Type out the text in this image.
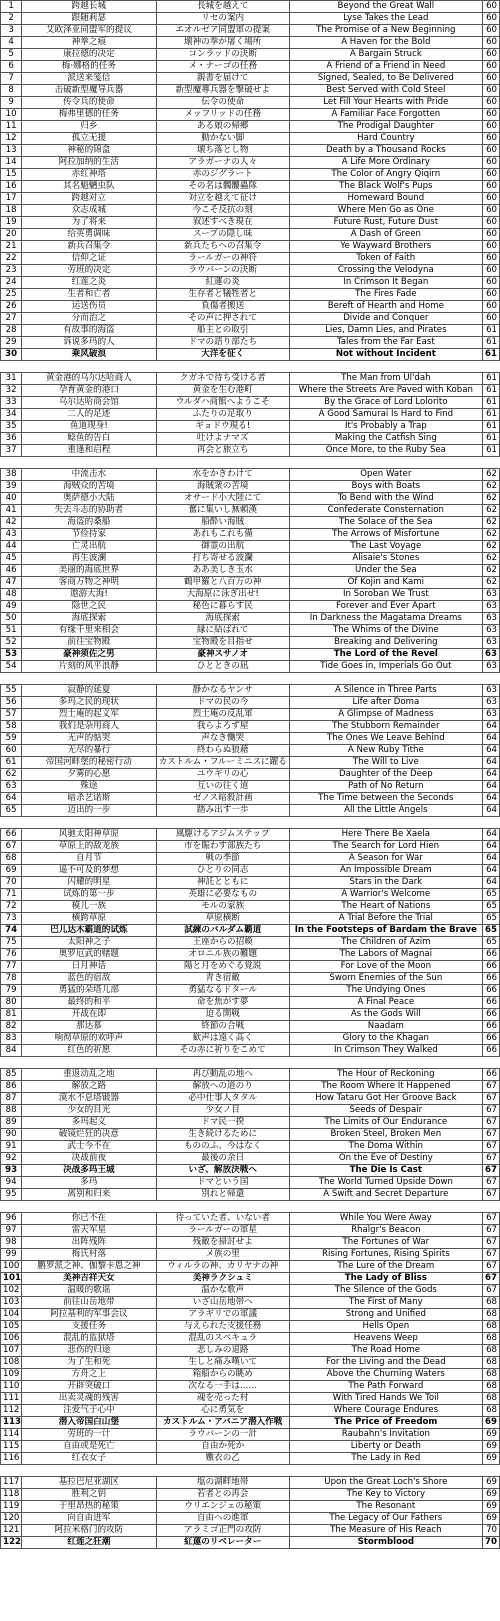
1	跨越长城	長城を越えて	Beyond the Great Wall	60
2	跟随莉瑟	リセの案内	Lyse Takes the Lead	60
3	艾欧泽亚同盟军的提议	エオルゼア同盟軍の提案	The Promise of a New Beginning	60
4	神拳之痕	壊神の拳が屠く場所	A Haven for the Bold	60
5	康拉德的决定	コンラッドの決断	A Bargain Struck	60
6	梅·娜格的任务	メ・ナーゴの任務	A Friend of a Friend in Need	60
7	派送来笺信	親書を届けて	Signed, Sealed, to Be Delivered	60
8	击破新型魔导兵器	新型魔導兵器を撃破せよ	Best Served with Cold Steel	60
9	传令兵的使命	伝令の使命	Let Fill Your Hearts with Pride	60
10	梅弗里德的任务	メッフリッドの任務	A Familiar Face Forgotten	60
11	归乡	ある娘の帰郷	The Prodigal Daughter	60
12	孤立无援	動かない脚	Hard Country	60
13	神秘的锦盒	壊ち落とし物	Death by a Thousand Rocks	60
14	阿拉加纳的生活	アラガーナの人々	A Life More Ordinary	60
15	赤红神塔	赤のジグラート	The Color of Angry Qiqirn	60
16	其名魁魉虫队	その名は髑髏蟲隊	The Black Wolf's Pups	60
17	跨越对立	対立を越えて征け	Homeward Bound	60
18	众志成城	今こそ反抗の刻	Where Men Go as One	60
19	为了将来	叙述すべき現在	Future Rust, Future Dust	60
20	给英勇调味	スープの隠し味	A Dash of Green	60
21	新兵召集令	新兵たちへの召集令	Ye Wayward Brothers	60
22	信仰之证	ラールガーの神符	Token of Faith	60
23	劳班的决定	ラウバーンの決断	Crossing the Velodyna	60
24	红莲之炎	紅蓮の炎	In Crimson It Began	60
25	生者和亡者	生存者と犠牲者と	The Fires Fade	60
26	运送伤员	負傷者搬送	Bereft of Hearth and Home	60
27	分而治之	その声に押されて	Divide and Conquer	60
28	有故事的海盗	船主との取引	Lies, Damn Lies, and Pirates	61
29	诉说多玛的人	ドマの語り部たち	Tales from the Far East	61
30	乘风破浪	大洋を征く	Not without Incident	61

31	黄金港的乌尔达哈商人	クガネで待ち受ける者	The Man from Ul'dah	61
32	孕育黄金的港口	黄金を生む港町	Where the Streets Are Paved with Koban	61
33	乌尔达哈商会馆	ウルダハ商館へようこそ	By the Grace of Lord Lolorito	61
34	二人的足迹	ふたりの足取り	A Good Samurai Is Hard to Find	61
35	鱼道现身!	ギョドウ現る!	It's Probably a Trap	61
36	鲶鱼的告白	吐けよナマズ	Making the Catfish Sing	61
37	重逢和启程	再会と旅立ち	Once More, to the Ruby Sea	61

38	中流击水	水をかきわけて	Open Water	62
39	海贼众的苦境	海賊衆の苦境	Boys with Boats	62
40	奥萨德小大陆	オサード小大陸にて	To Bend with the Wind	62
41	失去斗志的协助者	奮に集いし無頼漢	Confederate Consternation	62
42	海盗的桑船	船酔い海賊	The Solace of the Sea	62
43	节俭持家	あれもこれも備	The Arrows of Misfortune	62
44	亡灵出航	御霊の出航	The Last Voyage	62
45	再生波澜	打ち寄せる波瀾	Alisaie's Stones	62
46	美丽的海底世界	ああ美しき玉水	Under the Sea	62
47	客商万物之神明	鶴甲羅と八百万の神	Of Kojin and Kami	62
48	遨游大海!	大海原に泳ぎ出せ!	In Soroban We Trust	63
49	隐世之民	秘色に暮らす民	Forever and Ever Apart	63
50	海底探索	海底探索	In Darkness the Magatama Dreams	63
51	有缘千里来相会	縁に結ばれて	The Whims of the Divine	63
52	前往宝物殿	宝物殿を目指せ	Breaking and Delivering	63
53	豪神须佐之男	豪神スサノオ	The Lord of the Revel	63
54	片刻的风平浪静	ひとときの凪	Tide Goes in, Imperials Go Out	63

55	寂静的延夏	静かなるヤンサ	A Silence in Three Parts	63
56	多玛之民的现状	ドマの民の今	Life after Doma	63
57	烈士庵的起义军	烈士庵の反乱軍	A Glimpse of Madness	63
58	我们是杂用商人	我らよろず屋	The Stubborn Remainder	64
59	无声的惦哭	声なき慟哭	The Ones We Leave Behind	64
60	无尽的暴行	終わらぬ狼藉	A New Ruby Tithe	64
61	帝国河畔堡的秘密行动	カストルム・フルーミニスに躍る	The Will to Live	64
62	夕雾的心愿	ユウギリの心	Daughter of the Deep	64
63	殊途	互いの往く道	Path of No Return	64
64	暗杀艺诺斯	ゼノス暗殺計画	The Time between the Seconds	64
65	迈出的一步	踏み出す一歩	All the Little Angels	64

66	风驰太阳神草原	風駆けるアジムステップ	Here There Be Xaela	64
67	草原上的敌龙族	市を賑わす部族たち	The Search for Lord Hien	64
68	自月节	戦の季節	A Season for War	64
69	遥不可及的梦想	ひとりの同志	An Impossible Dream	64
70	闪耀的明星	神託とともに	Stars in the Dark	64
71	试炼的第一步	英雄に必要なもの	A Warrior's Welcome	65
72	模儿一族	モルの家族	The Heart of Nations	65
73	横跨草原	草原横断	A Trial Before the Trial	65
74	巴儿达木霸道的试炼	試練のバルダム覇道	In the Footsteps of Bardam the Brave	65
75	太阳神之子	王座からの招喚	The Children of Azim	65
76	奥罗厄武的赌题	オロニル族の難題	The Labors of Magnai	66
77	日月神话	陽と月をめぐる覚説	For Love of the Moon	66
78	蓝色的宿敌	青き宿敵	Sworn Enemies of the Sun	66
79	勇猛的朵塔儿部	勇猛なるドタール	The Undying Ones	66
80	最终的和平	命を焦がす夢	A Final Peace	66
81	开战在即	迫る開戦	As the Gods Will	66
82	那达慕	終節の合戦	Naadam	66
83	响彻草原的欢呼声	歓声は遠く高く	Glory to the Khagan	66
84	红色的祈愿	その赤に祈りをこめて	In Crimson They Walked	66

85	重返动乱之地	再び動乱の地へ	The Hour of Reckoning	66
86	解放之路	解放への道のり	The Room Where It Happened	67
87	漠水不息塔锻器	必中仕事人タタル	How Tataru Got Her Groove Back	67
88	少女的目光	少女ノ目	Seeds of Despair	67
89	多玛起义	ドマ民一揆	The Limits of Our Endurance	67
90	破镜烂狂的决意	生き続けるために	Broken Steel, Broken Men	67
91	武士今不在	もののふ、今はなく	The Doma Within	67
92	决战前夜	最後の余日	On the Eve of Destiny	67
93	决战多玛王城	いざ、解放決戦へ	The Die Is Cast	67
94	多玛	ドマという国	The World Turned Upside Down	67
95	离别和归来	別れと帰還	A Swift and Secret Departure	67

96	你已不在	待っていた者、いない者	While You Were Away	67
97	雷天军星	ラールガーの軍星	Rhalgr's Beacon	67
98	出阵残阵	残敵を掃討せよ	The Fortunes of War	67
99	梅氏村落	メ族の里	Rising Fortunes, Rising Spirits	67
100	鹏罗派之神、伽黎卡恩之神	ウィルラの神、カリヤナの神	The Lure of the Dream	67
101	美神吉祥天女	美神ラクシュミ	The Lady of Bliss	67
102	温暖的歌谣	温かな歌声	The Silence of the Gods	67
103	前往山岳地带	いざ山岳地帯へ	The First of Many	68
104	阿拉基利的军事会议	アラギリでの軍議	Strong and Unified	68
105	支援任务	与えられた支援任務	Hells Open	68
106	混乱的监狱塔	混乱のスペキュラ	Heavens Weep	68
107	悲伤的归途	悲しみの退路	The Road Home	68
108	为了生和死	生しと痛み嘆いて	For the Living and the Dead	68
109	方舟之上	箱船からの眺め	Above the Churning Waters	68
110	开辟突破口	次なる一手は……	The Path Forward	68
111	出卖灵魂的残害	魂を売った村	With Tired Hands We Toil	68
112	注爱气于心中	心に勇気を	Where Courage Endures	68
113	潜入帝国白山堡	カストルム・アバニア潜入作戦	The Price of Freedom	69
114	劳班的一计	ラウバーンの一計	Raubahn's Invitation	69
115	自由或是死亡	自由か死か	Liberty or Death	69
116	红衣女子	嫐衣の乙	The Lady in Red	69

117	基拉巴尼亚湖区	塩の湖畔地帯	Upon the Great Loch's Shore	69
118	胜利之钥	若者との再会	The Key to Victory	69
119	于里昂热的秘策	ウリエンジェの秘策	The Resonant	69
120	向自由进军	自由への進軍	The Legacy of Our Fathers	69
121	阿拉米格门的攻防	アラミゴ正門の攻防	The Measure of His Reach	70
122	红莲之狂潮	紅蓮のリベレーター	Stormblood	70
